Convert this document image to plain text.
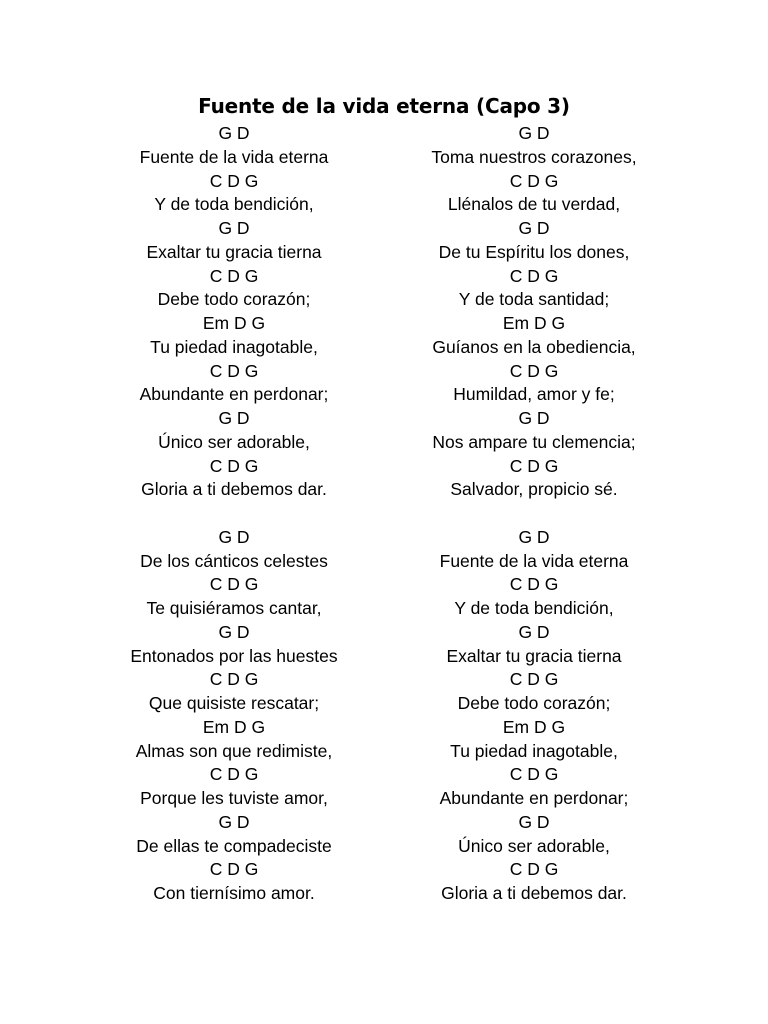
Fuente de la vida eterna (Capo 3)
G D
Fuente de la vida eterna
C D G
Y de toda bendición,
G D
Exaltar tu gracia tierna
C D G
Debe todo corazón;
Em D G
Tu piedad inagotable,
C D G
Abundante en perdonar;
G D
Único ser adorable,
C D G
Gloria a ti debemos dar.
G D
De los cánticos celestes
C D G
Te quisiéramos cantar,
G D
Entonados por las huestes
C D G
Que quisiste rescatar;
Em D G
Almas son que redimiste,
C D G
Porque les tuviste amor,
G D
De ellas te compadeciste
C D G
Con tiernísimo amor.
G D
Toma nuestros corazones,
C D G
Llénalos de tu verdad,
G D
De tu Espíritu los dones,
C D G
Y de toda santidad;
Em D G
Guíanos en la obediencia,
C D G
Humildad, amor y fe;
G D
Nos ampare tu clemencia;
C D G
Salvador, propicio sé.
G D
Fuente de la vida eterna
C D G
Y de toda bendición,
G D
Exaltar tu gracia tierna
C D G
Debe todo corazón;
Em D G
Tu piedad inagotable,
C D G
Abundante en perdonar;
G D
Único ser adorable,
C D G
Gloria a ti debemos dar.
